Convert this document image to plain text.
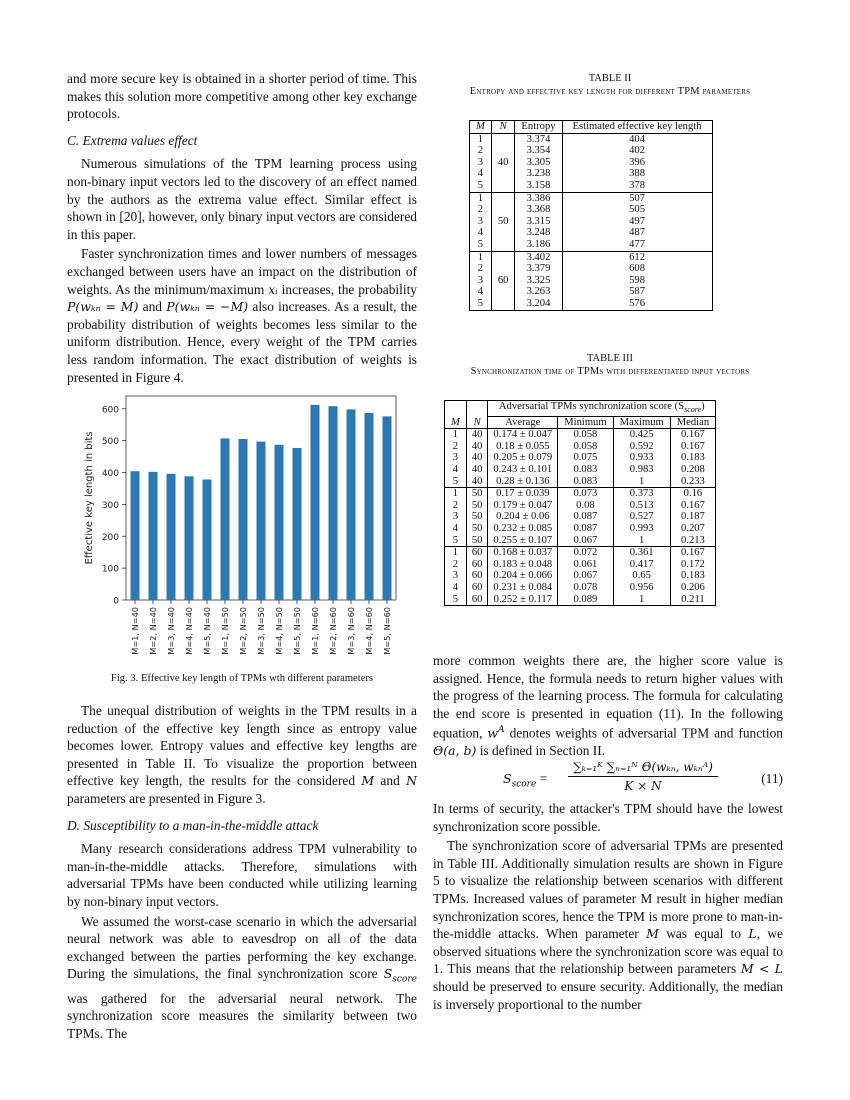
and more secure key is obtained in a shorter period of time. This makes this solution more competitive among other key exchange protocols.

C. Extrema values effect

Numerous simulations of the TPM learning process using non-binary input vectors led to the discovery of an effect named by the authors as the extrema value effect. Similar effect is shown in [20], however, only binary input vectors are considered in this paper.

Faster synchronization times and lower numbers of messages exchanged between users have an impact on the distribution of weights. As the minimum/maximum xᵢ increases, the probability P(wₖₙ = M) and P(wₖₙ = −M) also increases. As a result, the probability distribution of weights becomes less similar to the uniform distribution. Hence, every weight of the TPM carries less random information. The exact distribution of weights is presented in Figure 4.

0
100
200
300
400
500
600
Effective key length in bits
M=1, N=40 M=2, N=40 M=3, N=40 M=4, N=40 M=5, N=40 M=1, N=50 M=2, N=50 M=3, N=50 M=4, N=50 M=5, N=50 M=1, N=60 M=2, N=60 M=3, N=60 M=4, N=60 M=5, N=60
Fig. 3. Effective key length of TPMs wth different parameters

The unequal distribution of weights in the TPM results in a reduction of the effective key length since as entropy value becomes lower. Entropy values and effective key lengths are presented in Table II. To visualize the proportion between effective key length, the results for the considered M and N parameters are presented in Figure 3.

D. Susceptibility to a man-in-the-middle attack

Many research considerations address TPM vulnerability to man-in-the-middle attacks. Therefore, simulations with adversarial TPMs have been conducted while utilizing learning by non-binary input vectors.

We assumed the worst-case scenario in which the adversarial neural network was able to eavesdrop on all of the data exchanged between the parties performing the key exchange. During the simulations, the final synchronization score $S_{score}$ was gathered for the adversarial neural network. The synchronization score measures the similarity between two TPMs. The

TABLE II
Entropy and effective key length for different TPM parameters
M	N	Entropy	Estimated effective key length
1	40	3.374	404
2		3.354	402
3		3.305	396
4		3.238	388
5		3.158	378
1	50	3.386	507
2		3.368	505
3		3.315	497
4		3.248	487
5		3.186	477
1	60	3.402	612
2		3.379	608
3		3.325	598
4		3.263	587
5		3.204	576
TABLE III
Synchronization time of TPMs with differentiated input vectors
M	N	Adversarial TPMs synchronization score $(S_{score})$			
		Average	Minimum	Maximum	Median
1	40	0.174 ± 0.047	0.058	0.425	0.167
2	40	0.18 ± 0.055	0.058	0.592	0.167
3	40	0.205 ± 0.079	0.075	0.933	0.183
4	40	0.243 ± 0.101	0.083	0.983	0.208
5	40	0.28 ± 0.136	0.083	1	0.233
1	50	0.17 ± 0.039	0.073	0.373	0.16
2	50	0.179 ± 0.047	0.08	0.513	0.167
3	50	0.204 ± 0.06	0.087	0.527	0.187
4	50	0.232 ± 0.085	0.087	0.993	0.207
5	50	0.255 ± 0.107	0.067	1	0.213
1	60	0.168 ± 0.037	0.072	0.361	0.167
2	60	0.183 ± 0.048	0.061	0.417	0.172
3	60	0.204 ± 0.066	0.067	0.65	0.183
4	60	0.231 ± 0.084	0.078	0.956	0.206
5	60	0.252 ± 0.117	0.089	1	0.211

more common weights there are, the higher score value is assigned. Hence, the formula needs to return higher values with the progress of the learning process. The formula for calculating the end score is presented in equation (11). In the following equation, $w^A$ denotes weights of adversarial TPM and function Θ(a, b) is defined in Section II.

$S_{score}$ =
∑ₖ₌₁ᴷ ∑ₙ₌₁ᴺ Θ(wₖₙ, wₖₙᴬ)
K × N	(11)

In terms of security, the attacker's TPM should have the lowest synchronization score possible.

The synchronization score of adversarial TPMs are presented in Table III. Additionally simulation results are shown in Figure 5 to visualize the relationship between scenarios with different TPMs. Increased values of parameter M result in higher median synchronization scores, hence the TPM is more prone to man-in-the-middle attacks. When parameter M was equal to L, we observed situations where the synchronization score was equal to 1. This means that the relationship between parameters M < L should be preserved to ensure security. Additionally, the median is inversely proportional to the number
